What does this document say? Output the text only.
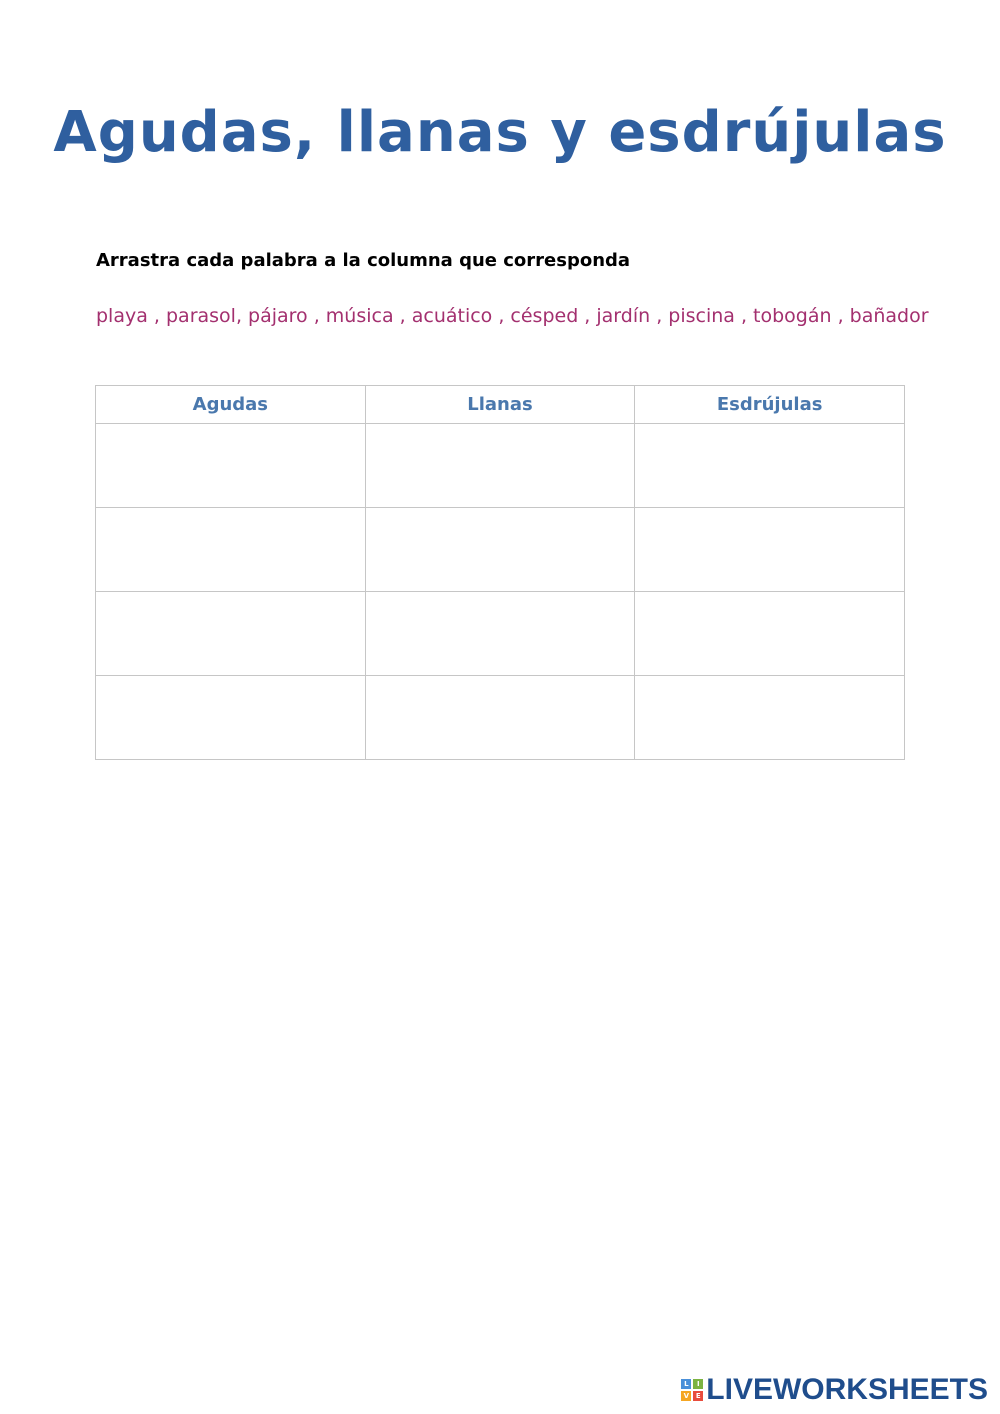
Agudas, llanas y esdrújulas

Arrastra cada palabra a la columna que corresponda

playa , parasol, pájaro , música , acuático , césped , jardín , piscina , tobogán , bañador

Agudas	Llanas	Esdrújulas

L	I
V E LIVEWORKSHEETS
